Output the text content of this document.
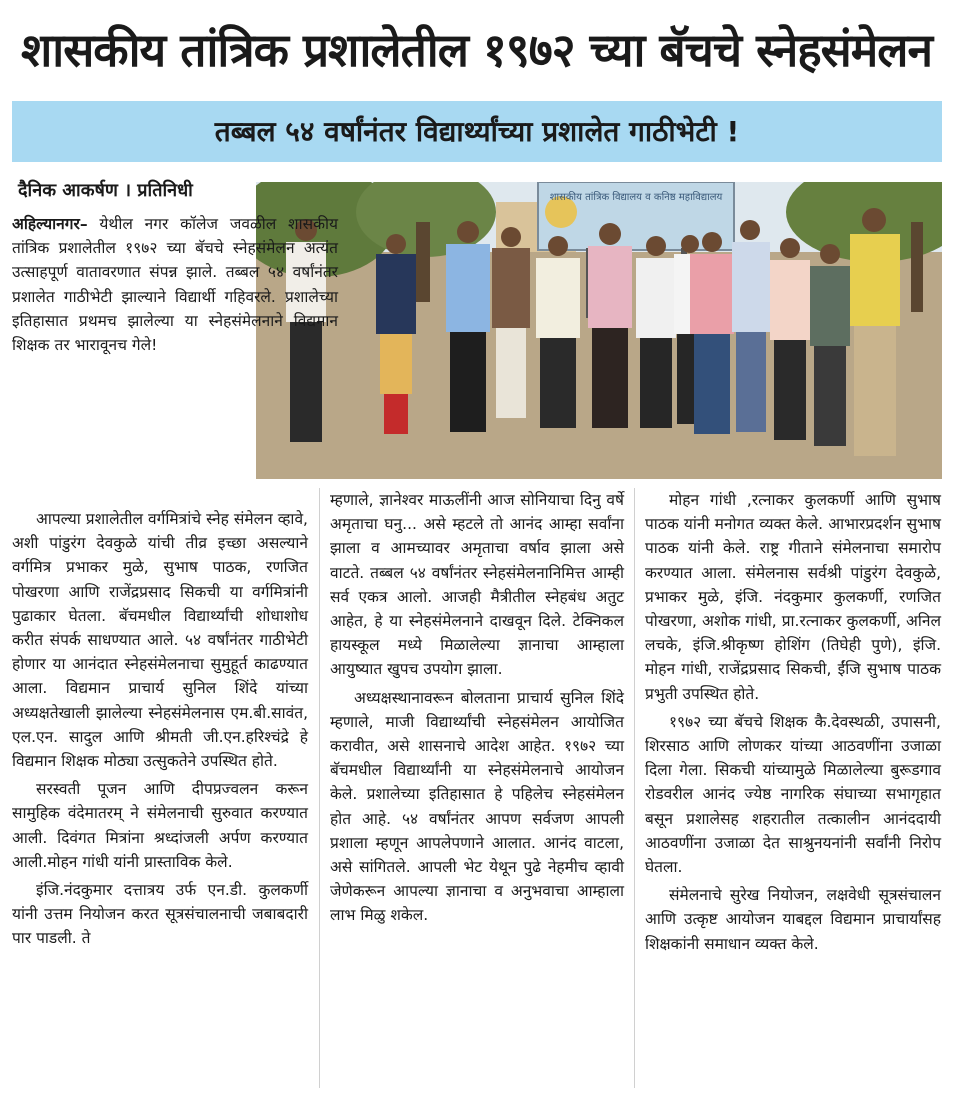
शासकीय तांत्रिक प्रशालेतील १९७२ च्या बॅचचे स्नेहसंमेलन
तब्बल ५४ वर्षांनंतर विद्यार्थ्यांच्या प्रशालेत गाठीभेटी !
दैनिक आकर्षण । प्रतिनिधी	शासकीय तांत्रिक विद्यालय व कनिष्ठ महाविद्यालय

अहिल्यानगर– येथील नगर कॉलेज जवळील शासकीय तांत्रिक प्रशालेतील १९७२ च्या बॅचचे स्नेहसंमेलन अत्यंत उत्साहपूर्ण वातावरणात संपन्न झाले. तब्बल ५४ वर्षांनंतर प्रशालेत गाठीभेटी झाल्याने विद्यार्थी गहिवरले. प्रशालेच्या इतिहासात प्रथमच झालेल्या या स्नेहसंमेलनाने विद्यमान शिक्षक तर भारावूनच गेले!

आपल्या प्रशालेतील वर्गमित्रांचे स्नेह संमेलन व्हावे, अशी पांडुरंग देवकुळे यांची तीव्र इच्छा असल्याने वर्गमित्र प्रभाकर मुळे, सुभाष पाठक, रणजित पोखरणा आणि राजेंद्रप्रसाद सिकची या वर्गमित्रांनी पुढाकार घेतला. बॅचमधील विद्यार्थ्यांची शोधाशोध करीत संपर्क साधण्यात आले. ५४ वर्षांनंतर गाठीभेटी होणार या आनंदात स्नेहसंमेलनाचा सुमुहूर्त काढण्यात आला. विद्यमान प्राचार्य सुनिल शिंदे यांच्या अध्यक्षतेखाली झालेल्या स्नेहसंमेलनास एम.बी.सावंत, एल.एन. सादुल आणि श्रीमती जी.एन.हरिश्चंद्रे हे विद्यमान शिक्षक मोठ्या उत्सुकतेने उपस्थित होते.

सरस्वती पूजन आणि दीपप्रज्वलन करून सामुहिक वंदेमातरम् ने संमेलनाची सुरुवात करण्यात आली. दिवंगत मित्रांना श्रध्दांजली अर्पण करण्यात आली.मोहन गांधी यांनी प्रास्ताविक केले.

इंजि.नंदकुमार दत्तात्रय उर्फ एन.डी. कुलकर्णी यांनी उत्तम नियोजन करत सूत्रसंचालनाची जबाबदारी पार पाडली. ते

म्हणाले, ज्ञानेश्वर माऊलींनी आज सोनियाचा दिनु वर्षे अमृताचा घनु... असे म्हटले तो आनंद आम्हा सर्वांना झाला व आमच्यावर अमृताचा वर्षाव झाला असे वाटते. तब्बल ५४ वर्षांनंतर स्नेहसंमेलनानिमित्त आम्ही सर्व एकत्र आलो. आजही मैत्रीतील स्नेहबंध अतुट आहेत, हे या स्नेहसंमेलनाने दाखवून दिले. टेक्निकल हायस्कूल मध्ये मिळालेल्या ज्ञानाचा आम्हाला आयुष्यात खुपच उपयोग झाला.

अध्यक्षस्थानावरून बोलताना प्राचार्य सुनिल शिंदे म्हणाले, माजी विद्यार्थ्यांची स्नेहसंमेलन आयोजित करावीत, असे शासनाचे आदेश आहेत. १९७२ च्या बॅचमधील विद्यार्थ्यांनी या स्नेहसंमेलनाचे आयोजन केले. प्रशालेच्या इतिहासात हे पहिलेच स्नेहसंमेलन होत आहे. ५४ वर्षांनंतर आपण सर्वजण आपली प्रशाला म्हणून आपलेपणाने आलात. आनंद वाटला, असे सांगितले. आपली भेट येथून पुढे नेहमीच व्हावी जेणेकरून आपल्या ज्ञानाचा व अनुभवाचा आम्हाला लाभ मिळु शकेल.

मोहन गांधी ,रत्नाकर कुलकर्णी आणि सुभाष पाठक यांनी मनोगत व्यक्त केले. आभारप्रदर्शन सुभाष पाठक यांनी केले. राष्ट्र गीताने संमेलनाचा समारोप करण्यात आला. संमेलनास सर्वश्री पांडुरंग देवकुळे, प्रभाकर मुळे, इंजि. नंदकुमार कुलकर्णी, रणजित पोखरणा, अशोक गांधी, प्रा.रत्नाकर कुलकर्णी, अनिल लचके, इंजि.श्रीकृष्ण होशिंग (तिघेही पुणे), इंजि. मोहन गांधी, राजेंद्रप्रसाद सिकची, ईंजि सुभाष पाठक प्रभुती उपस्थित होते.

१९७२ च्या बॅचचे शिक्षक कै.देवस्थळी, उपासनी, शिरसाठ आणि लोणकर यांच्या आठवणींना उजाळा दिला गेला. सिकची यांच्यामुळे मिळालेल्या बुरूडगाव रोडवरील आनंद ज्येष्ठ नागरिक संघाच्या सभागृहात बसून प्रशालेसह शहरातील तत्कालीन आनंददायी आठवणींना उजाळा देत साश्रुनयनांनी सर्वांनी निरोप घेतला.

संमेलनाचे सुरेख नियोजन, लक्षवेधी सूत्रसंचालन आणि उत्कृष्ट आयोजन याबद्दल विद्यमान प्राचार्यांसह शिक्षकांनी समाधान व्यक्त केले.
